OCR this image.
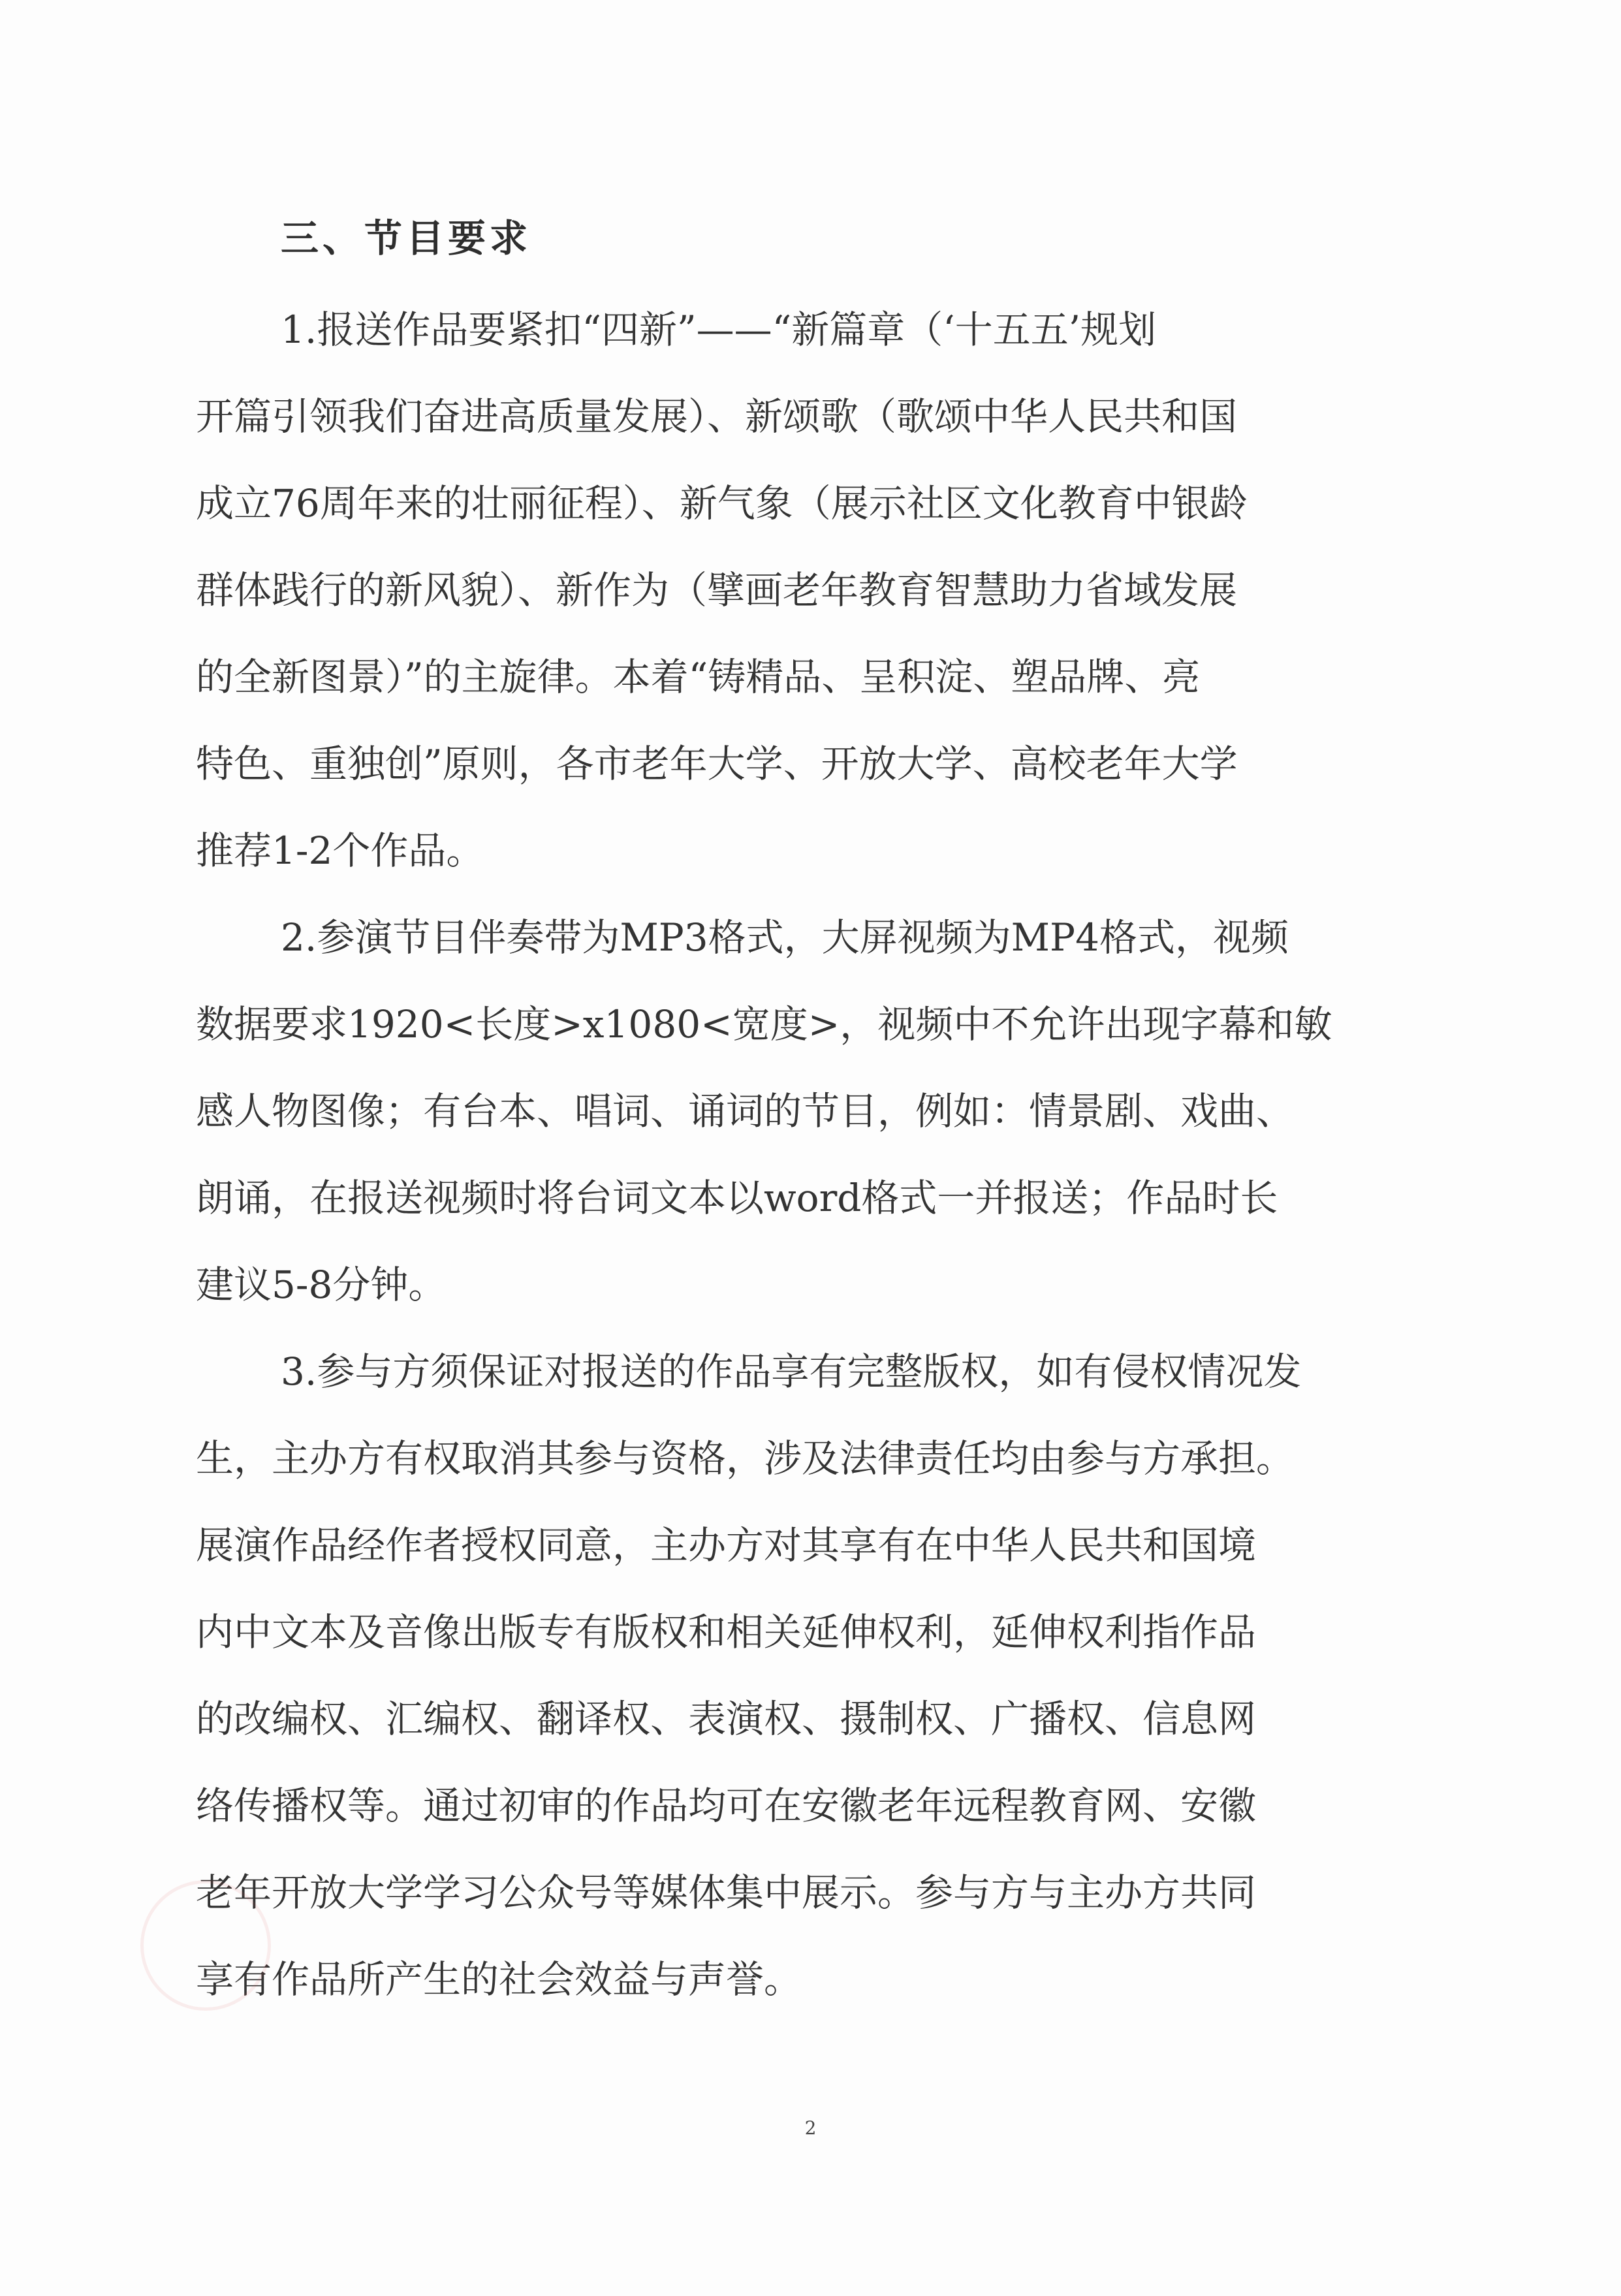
三、节目要求
1.报送作品要紧扣“四新”——“新篇章（‘十五五’规划
开篇引领我们奋进高质量发展）、新颂歌（歌颂中华人民共和国
成立76周年来的壮丽征程）、新气象（展示社区文化教育中银龄
群体践行的新风貌）、新作为（擘画老年教育智慧助力省域发展
的全新图景）”的主旋律。本着“铸精品、呈积淀、塑品牌、亮
特色、重独创”原则，各市老年大学、开放大学、高校老年大学
推荐1-2个作品。
2.参演节目伴奏带为MP3格式，大屏视频为MP4格式，视频
数据要求1920<长度>x1080<宽度>，视频中不允许出现字幕和敏
感人物图像；有台本、唱词、诵词的节目，例如：情景剧、戏曲、
朗诵，在报送视频时将台词文本以word格式一并报送；作品时长
建议5-8分钟。
3.参与方须保证对报送的作品享有完整版权，如有侵权情况发
生，主办方有权取消其参与资格，涉及法律责任均由参与方承担。
展演作品经作者授权同意，主办方对其享有在中华人民共和国境
内中文本及音像出版专有版权和相关延伸权利，延伸权利指作品
的改编权、汇编权、翻译权、表演权、摄制权、广播权、信息网
络传播权等。通过初审的作品均可在安徽老年远程教育网、安徽
老年开放大学学习公众号等媒体集中展示。参与方与主办方共同
享有作品所产生的社会效益与声誉。
2
